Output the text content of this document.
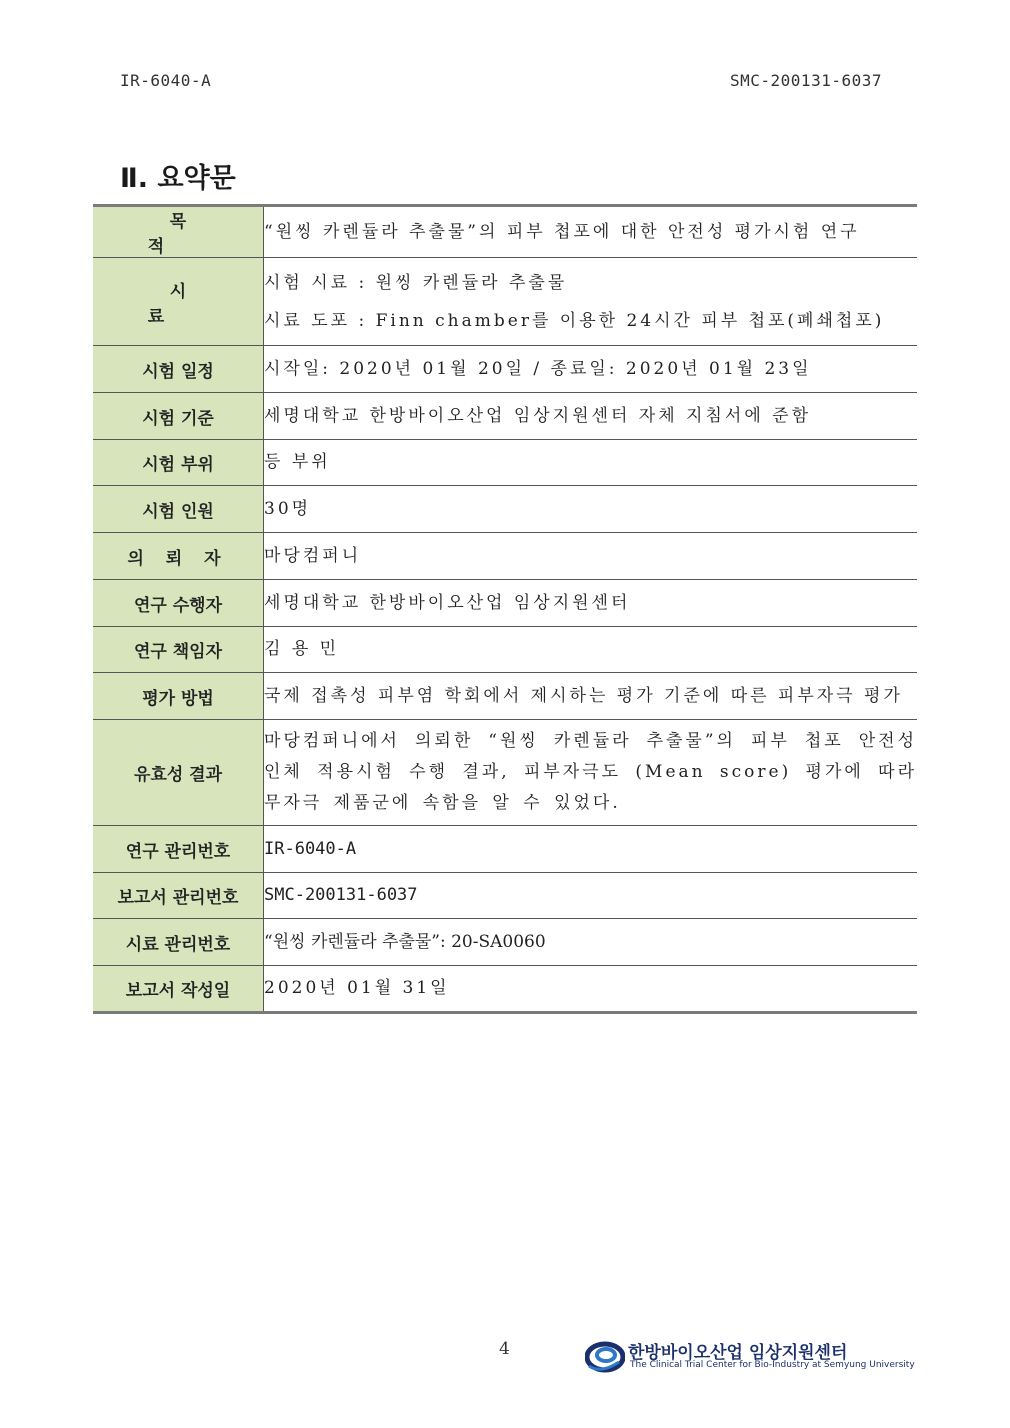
IR-6040-A	SMC-200131-6037
Ⅱ. 요약문
목 적	“원씽 카렌듈라 추출물”의 피부 첩포에 대한 안전성 평가시험 연구

시 료	시험 시료 : 원씽 카렌듈라 추출물
시료 도포 : Finn chamber를 이용한 24시간 피부 첩포(폐쇄첩포)

시험 일정	시작일: 2020년 01월 20일 / 종료일: 2020년 01월 23일

시험 기준	세명대학교 한방바이오산업 임상지원센터 자체 지침서에 준함

시험 부위	등 부위

시험 인원	30명

의 뢰 자	마당컴퍼니

연구 수행자	세명대학교 한방바이오산업 임상지원센터

연구 책임자	김 용 민

평가 방법	국제 접촉성 피부염 학회에서 제시하는 평가 기준에 따른 피부자극 평가

유효성 결과	마당컴퍼니에서 의뢰한 “원씽 카렌듈라 추출물”의 피부 첩포 안전성 인체 적용시험 수행 결과, 피부자극도 (Mean score) 평가에 따라 무자극 제품군에 속함을 알 수 있었다.

연구 관리번호	IR-6040-A

보고서 관리번호	SMC-200131-6037

시료 관리번호	“원씽 카렌듈라 추출물”: 20-SA0060

보고서 작성일	2020년 01월 31일
4	한방바이오산업 임상지원센터
The Clinical Trial Center for Bio-Industry at Semyung University
